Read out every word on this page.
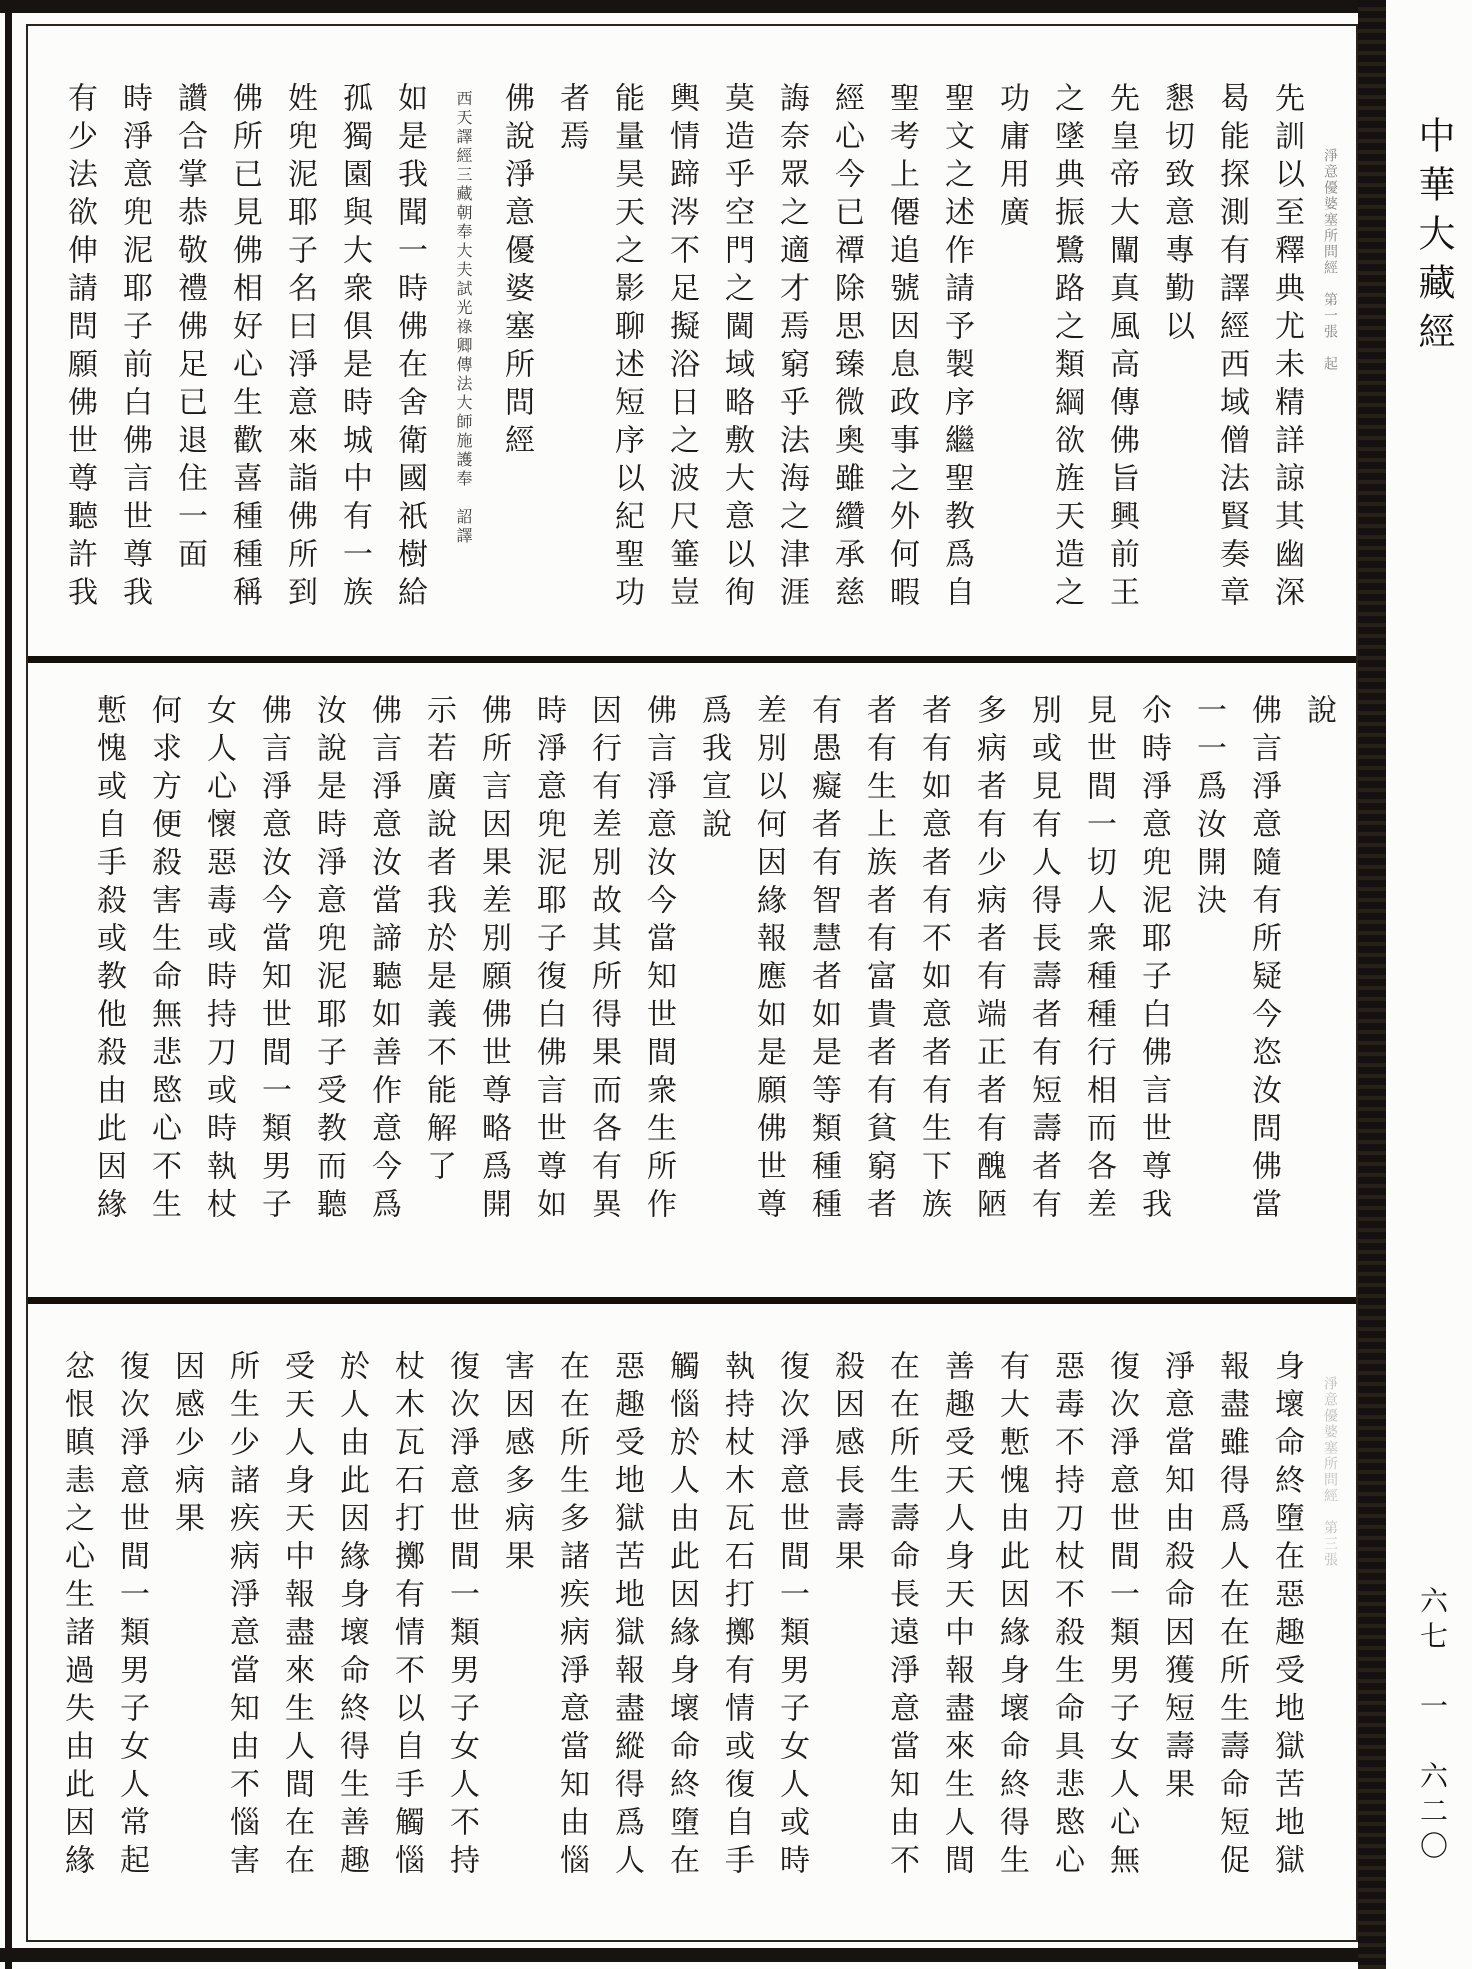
淨意優婆塞所問經　第一張　起
先訓以至釋典尤未精詳諒其幽深
曷能探測有譯經西域僧法賢奏章
懇切致意專勤以
先皇帝大闡真風高傳佛旨興前王
之墜典振鷺路之類綱欲旌天造之
功庸用廣
聖文之述作請予製序繼聖教爲自
聖考上僊追號因息政事之外何暇
經心今已禫除思臻微奧雖纘承慈
誨奈眾之適才焉窮乎法海之津涯
莫造乎空門之閫域略敷大意以徇
輿情蹄涔不足擬浴日之波尺箠豈
能量昊天之影聊述短序以紀聖功
者焉
佛說淨意優婆塞所問經
西天譯經三藏朝奉大夫試光祿卿傳法大師施護奉　詔譯
如是我聞一時佛在舍衛國祇樹給
孤獨園與大衆俱是時城中有一族
姓兜泥耶子名曰淨意來詣佛所到
佛所已見佛相好心生歡喜種種稱
讚合掌恭敬禮佛足已退住一面
時淨意兜泥耶子前白佛言世尊我
有少法欲伸請問願佛世尊聽許我
說
佛言淨意隨有所疑今恣汝問佛當
一一爲汝開決
尒時淨意兜泥耶子白佛言世尊我
見世間一切人衆種種行相而各差
別或見有人得長壽者有短壽者有
多病者有少病者有端正者有醜陋
者有如意者有不如意者有生下族
者有生上族者有富貴者有貧窮者
有愚癡者有智慧者如是等類種種
差別以何因緣報應如是願佛世尊
爲我宣說
佛言淨意汝今當知世間衆生所作
因行有差別故其所得果而各有異
時淨意兜泥耶子復白佛言世尊如
佛所言因果差別願佛世尊略爲開
示若廣說者我於是義不能解了
佛言淨意汝當諦聽如善作意今爲
汝說是時淨意兜泥耶子受教而聽
佛言淨意汝今當知世間一類男子
女人心懷惡毒或時持刀或時執杖
何求方便殺害生命無悲愍心不生
慙愧或自手殺或教他殺由此因緣
淨意優婆塞所問經　第三張
身壞命終墮在惡趣受地獄苦地獄
報盡雖得爲人在在所生壽命短促
淨意當知由殺命因獲短壽果
復次淨意世間一類男子女人心無
惡毒不持刀杖不殺生命具悲愍心
有大慙愧由此因緣身壞命終得生
善趣受天人身天中報盡來生人間
在在所生壽命長遠淨意當知由不
殺因感長壽果
復次淨意世間一類男子女人或時
執持杖木瓦石打擲有情或復自手
觸惱於人由此因緣身壞命終墮在
惡趣受地獄苦地獄報盡縱得爲人
在在所生多諸疾病淨意當知由惱
害因感多病果
復次淨意世間一類男子女人不持
杖木瓦石打擲有情不以自手觸惱
於人由此因緣身壞命終得生善趣
受天人身天中報盡來生人間在在
所生少諸疾病淨意當知由不惱害
因感少病果
復次淨意世間一類男子女人常起
忿恨瞋恚之心生諸過失由此因緣
中華大藏經
六七　一　六二〇
